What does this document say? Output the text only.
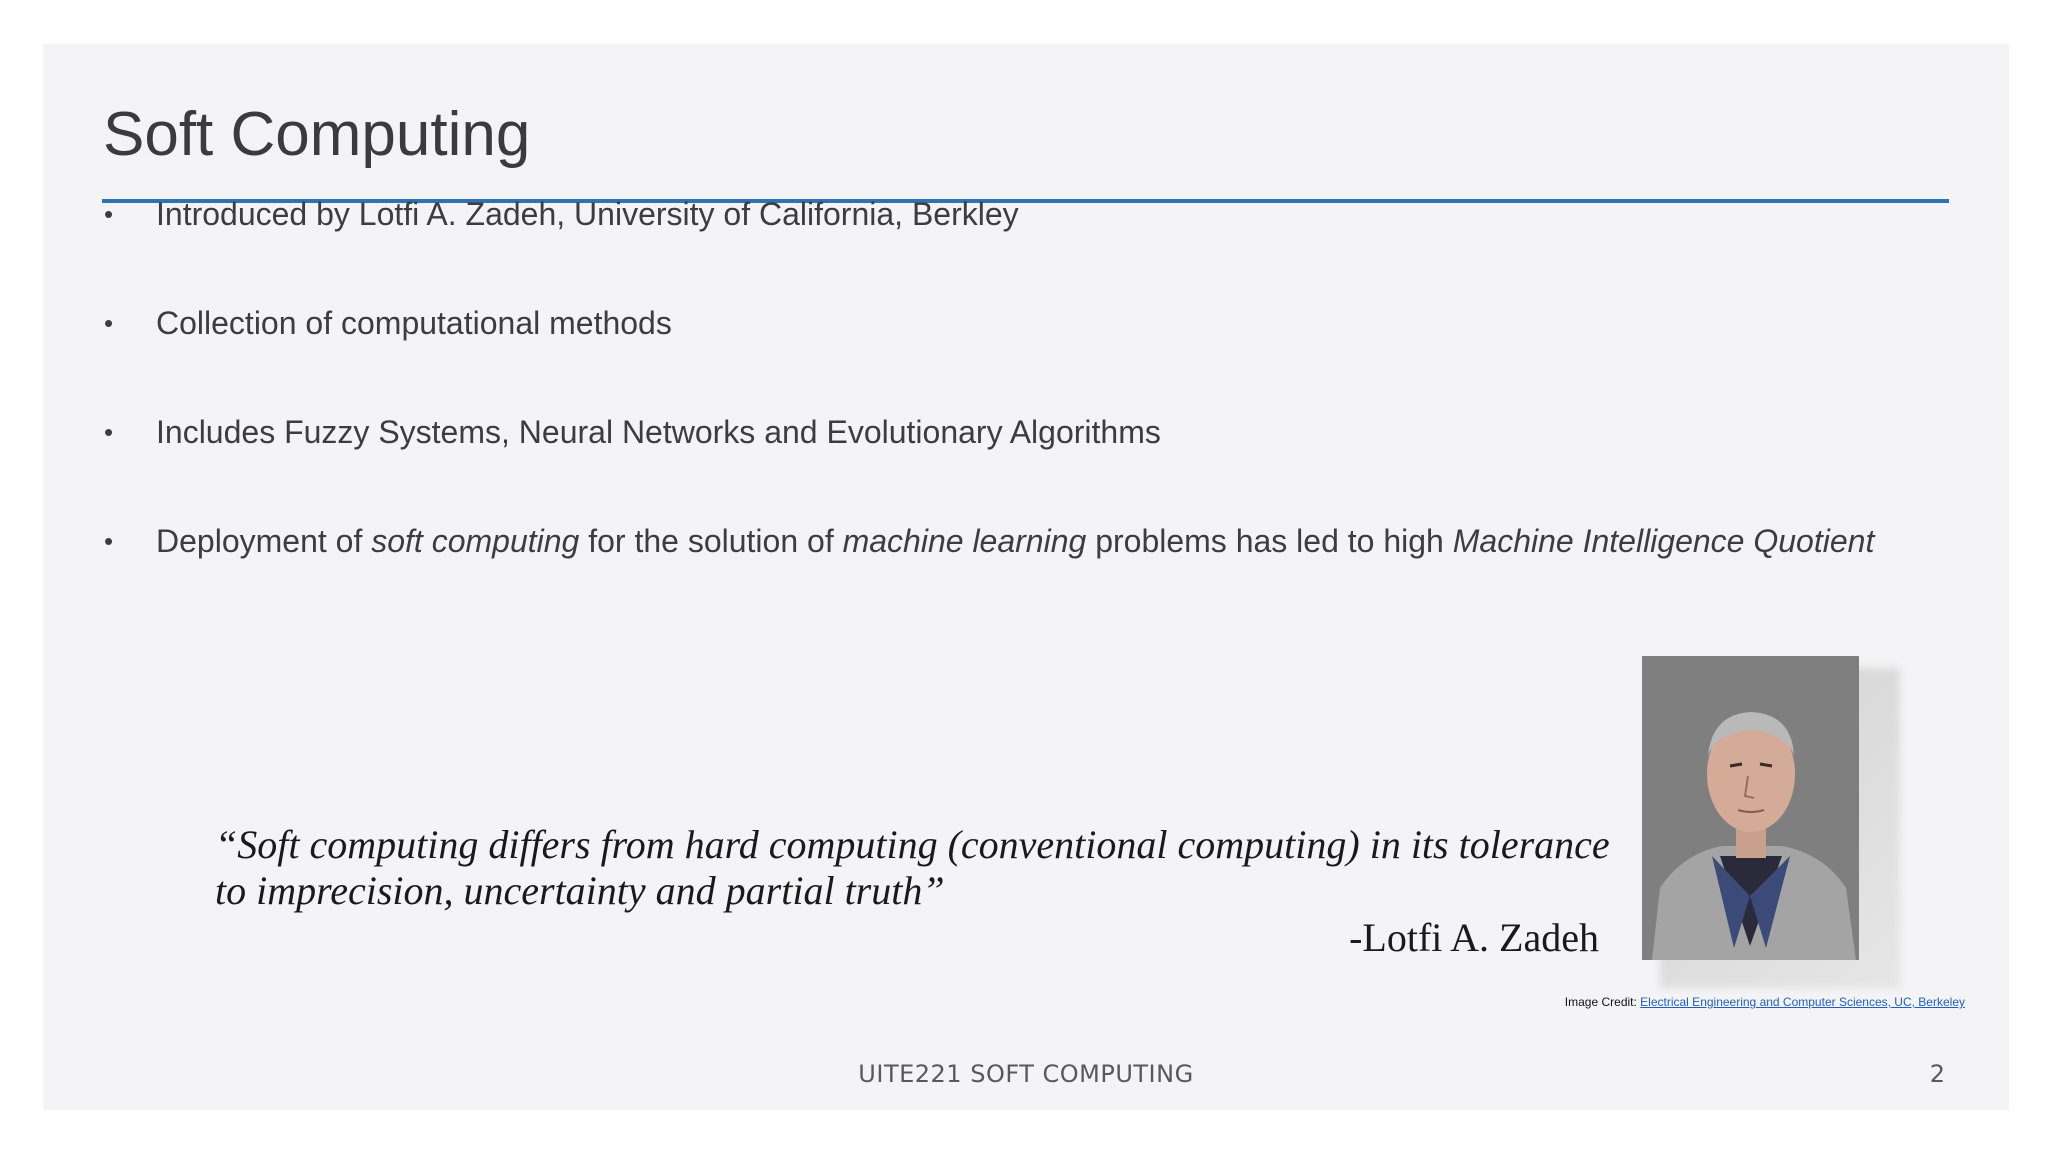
Soft Computing
•	Introduced by Lotfi A. Zadeh, University of California, Berkley
•	Collection of computational methods
•	Includes Fuzzy Systems, Neural Networks and Evolutionary Algorithms
•	Deployment of soft computing for the solution of machine learning problems has led to high Machine Intelligence Quotient
“Soft computing differs from hard computing (conventional computing) in its tolerance to imprecision, uncertainty and partial truth”
-Lotfi A. Zadeh
Image Credit: Electrical Engineering and Computer Sciences, UC, Berkeley
UITE221 SOFT COMPUTING	2
